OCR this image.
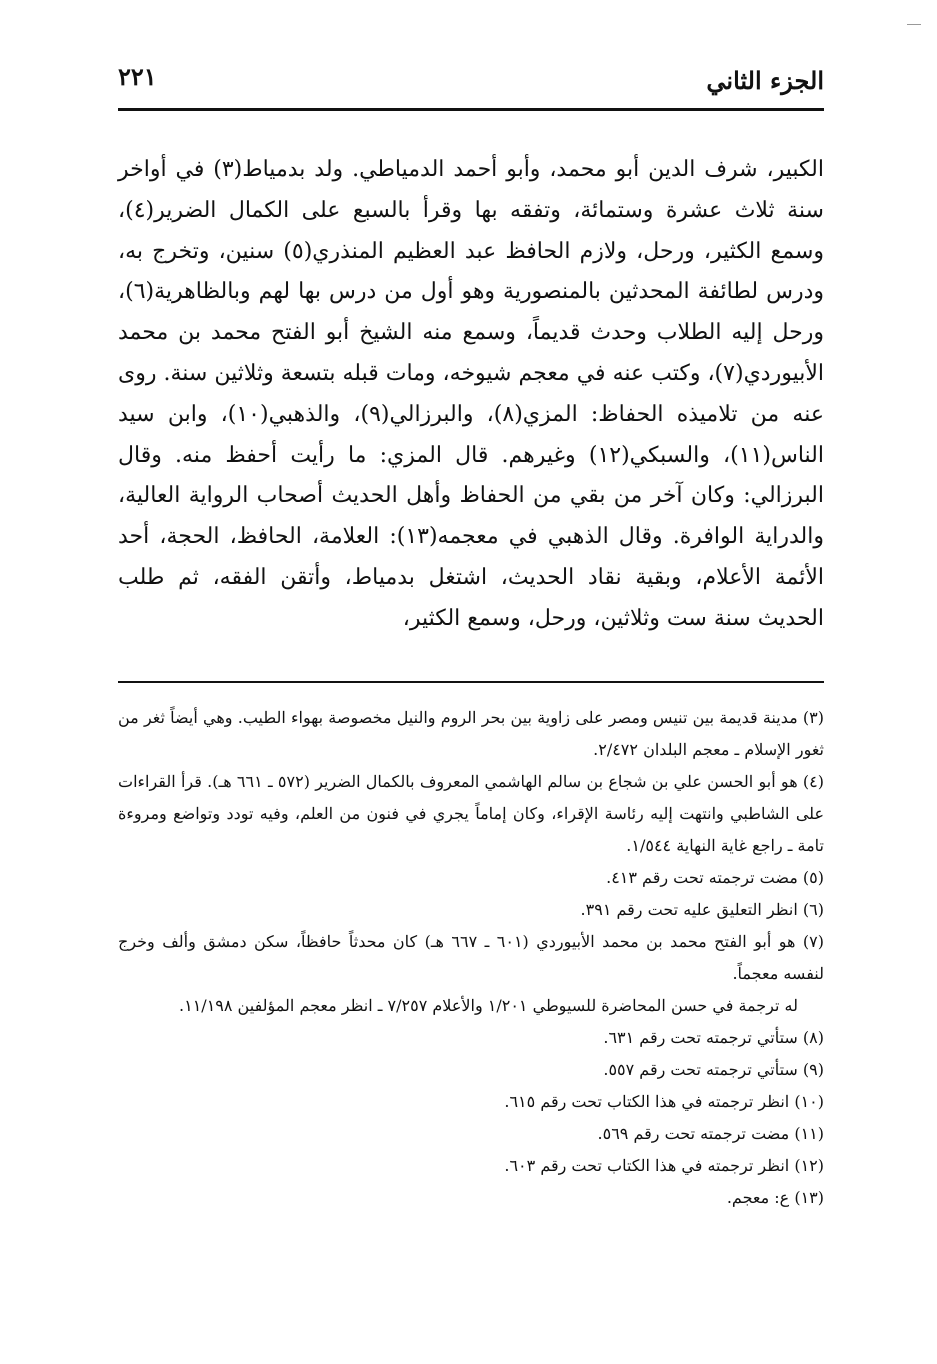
الجزء الثاني
٢٢١

الكبير، شرف الدين أبو محمد، وأبو أحمد الدمياطي. ولد بدمياط(٣) في أواخر سنة ثلاث عشرة وستمائة، وتفقه بها وقرأ بالسبع على الكمال الضرير(٤)، وسمع الكثير، ورحل، ولازم الحافظ عبد العظيم المنذري(٥) سنين، وتخرج به، ودرس لطائفة المحدثين بالمنصورية وهو أول من درس بها لهم وبالظاهرية(٦)، ورحل إليه الطلاب وحدث قديماً، وسمع منه الشيخ أبو الفتح محمد بن محمد الأبيوردي(٧)، وكتب عنه في معجم شيوخه، ومات قبله بتسعة وثلاثين سنة. روى عنه من تلاميذه الحفاظ: المزي(٨)، والبرزالي(٩)، والذهبي(١٠)، وابن سيد الناس(١١)، والسبكي(١٢) وغيرهم. قال المزي: ما رأيت أحفظ منه. وقال البرزالي: وكان آخر من بقي من الحفاظ وأهل الحديث أصحاب الرواية العالية، والدراية الوافرة. وقال الذهبي في معجمه(١٣): العلامة، الحافظ، الحجة، أحد الأئمة الأعلام، وبقية نقاد الحديث، اشتغل بدمياط، وأتقن الفقه، ثم طلب الحديث سنة ست وثلاثين، ورحل، وسمع الكثير،

(٣) مدينة قديمة بين تنيس ومصر على زاوية بين بحر الروم والنيل مخصوصة بهواء الطيب. وهي أيضاً ثغر من ثغور الإسلام ـ معجم البلدان ٢/٤٧٢.

(٤) هو أبو الحسن علي بن شجاع بن سالم الهاشمي المعروف بالكمال الضرير (٥٧٢ ـ ٦٦١ هـ). قرأ القراءات على الشاطبي وانتهت إليه رئاسة الإقراء، وكان إماماً يجري في فنون من العلم، وفيه تودد وتواضع ومروءة تامة ـ راجع غاية النهاية ١/٥٤٤.

(٥) مضت ترجمته تحت رقم ٤١٣.

(٦) انظر التعليق عليه تحت رقم ٣٩١.

(٧) هو أبو الفتح محمد بن محمد الأبيوردي (٦٠١ ـ ٦٦٧ هـ) كان محدثاً حافظاً، سكن دمشق وألف وخرج لنفسه معجماً.

له ترجمة في حسن المحاضرة للسيوطي ١/٢٠١ والأعلام ٧/٢٥٧ ـ انظر معجم المؤلفين ١١/١٩٨.

(٨) ستأتي ترجمته تحت رقم ٦٣١.

(٩) ستأتي ترجمته تحت رقم ٥٥٧.

(١٠) انظر ترجمته في هذا الكتاب تحت رقم ٦١٥.

(١١) مضت ترجمته تحت رقم ٥٦٩.

(١٢) انظر ترجمته في هذا الكتاب تحت رقم ٦٠٣.

(١٣) ع: معجم.
